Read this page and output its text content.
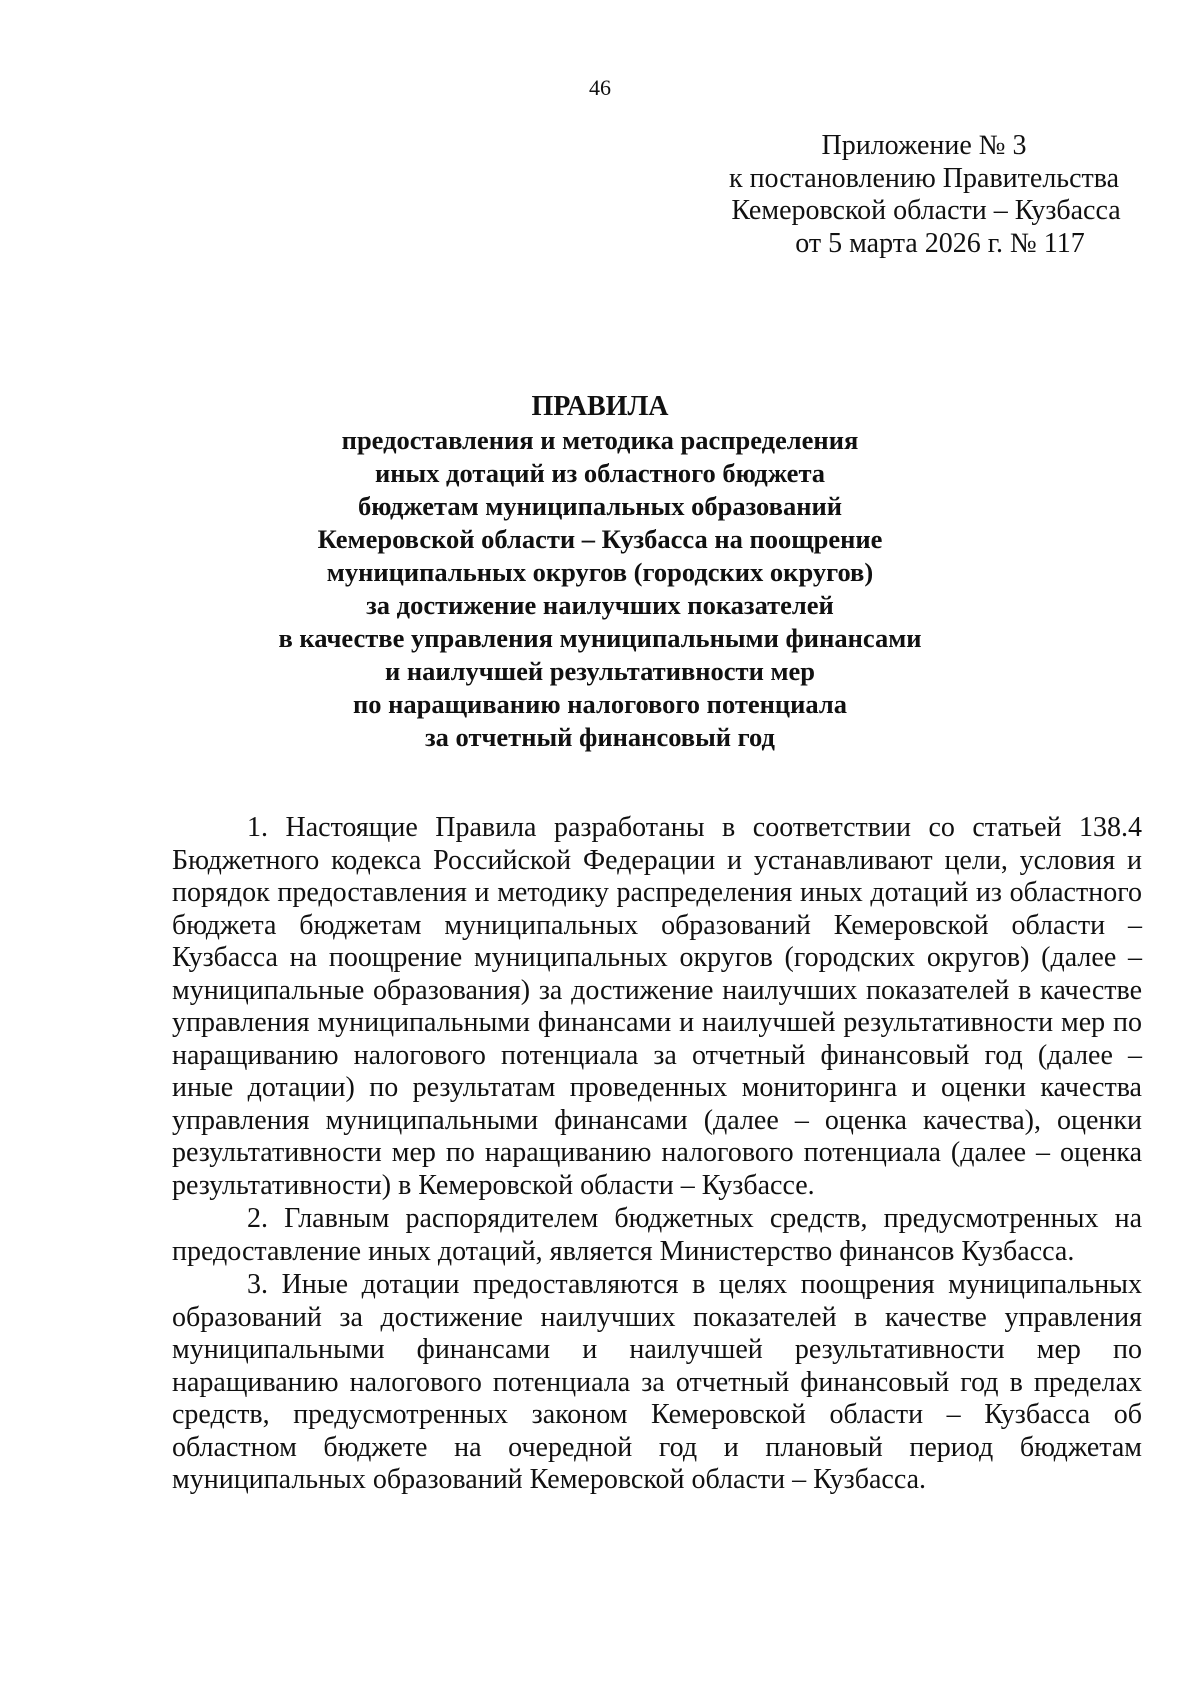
46
Приложение № 3
к постановлению Правительства
Кемеровской области – Кузбасса
от 5 марта 2026 г. № 117
ПРАВИЛА
предоставления и методика распределения
иных дотаций из областного бюджета
бюджетам муниципальных образований
Кемеровской области – Кузбасса на поощрение
муниципальных округов (городских округов)
за достижение наилучших показателей
в качестве управления муниципальными финансами
и наилучшей результативности мер
по наращиванию налогового потенциала
за отчетный финансовый год

1. Настоящие Правила разработаны в соответствии со статьей 138.4 Бюджетного кодекса Российской Федерации и устанавливают цели, условия и порядок предоставления и методику распределения иных дотаций из областного бюджета бюджетам муниципальных образований Кемеровской области – Кузбасса на поощрение муниципальных округов (городских округов) (далее – муниципальные образования) за достижение наилучших показателей в качестве управления муниципальными финансами и наилучшей результативности мер по наращиванию налогового потенциала за отчетный финансовый год (далее – иные дотации) по результатам проведенных мониторинга и оценки качества управления муниципальными финансами (далее – оценка качества), оценки результативности мер по наращиванию налогового потенциала (далее – оценка результативности) в Кемеровской области – Кузбассе.

2. Главным распорядителем бюджетных средств, предусмотренных на предоставление иных дотаций, является Министерство финансов Кузбасса.

3. Иные дотации предоставляются в целях поощрения муниципальных образований за достижение наилучших показателей в качестве управления муниципальными финансами и наилучшей результативности мер по наращиванию налогового потенциала за отчетный финансовый год в пределах средств, предусмотренных законом Кемеровской области – Кузбасса об областном бюджете на очередной год и плановый период бюджетам муниципальных образований Кемеровской области – Кузбасса.
